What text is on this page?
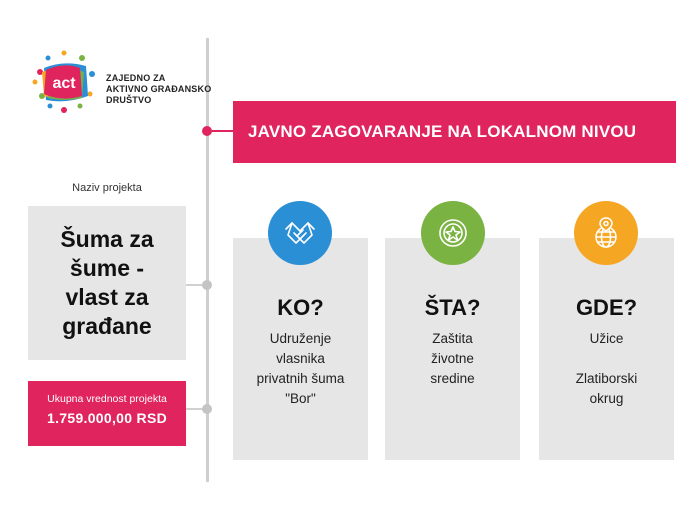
act	ZAJEDNO ZA
AKTIVNO GRAĐANSKO
DRUŠTVO
JAVNO ZAGOVARANJE NA LOKALNOM NIVOU
Naziv projekta
Šuma za šume - vlast za građane
Ukupna vrednost projekta
1.759.000,00 RSD
KO?
Udruženje
vlasnika
privatnih šuma
"Bor"
ŠTA?
Zaštita
životne
sredine
GDE?
Užice
Zlatiborski
okrug
